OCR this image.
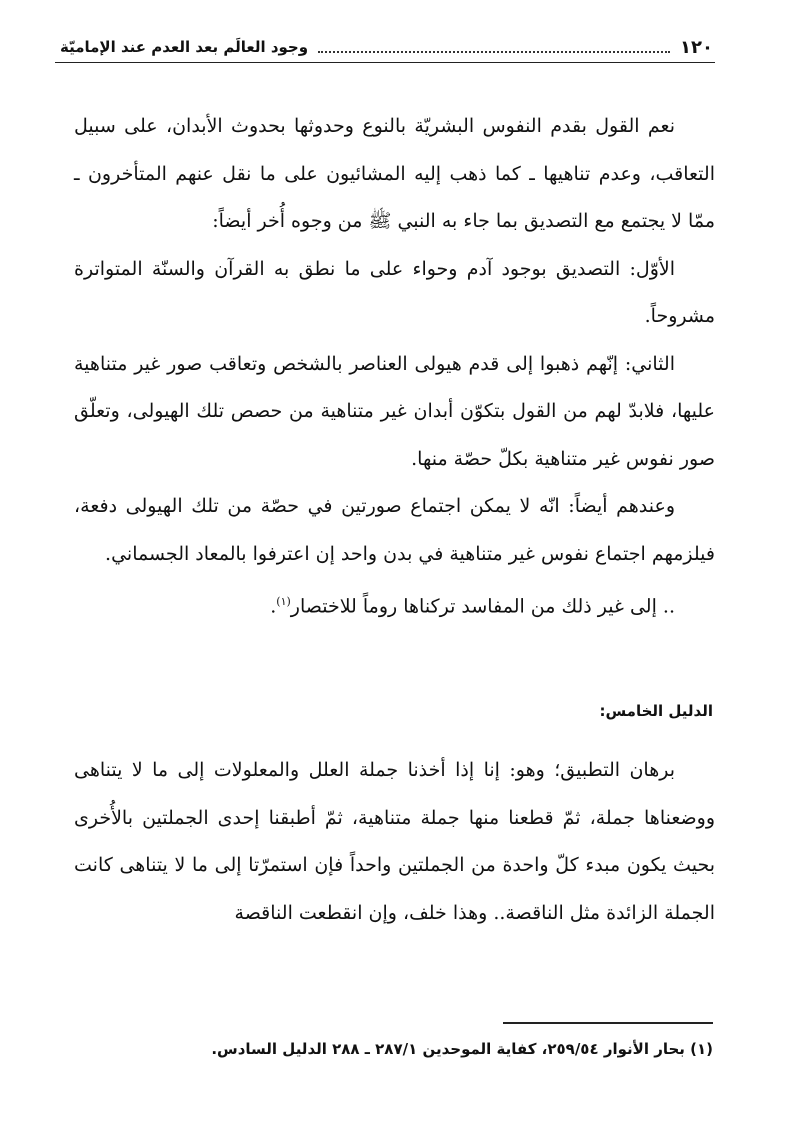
١٢٠
وجود العالَم بعد العدم عند الإماميّة

نعم القول بقدم النفوس البشريّة بالنوع وحدوثها بحدوث الأبدان، على سبيل التعاقب، وعدم تناهيها ـ كما ذهب إليه المشائيون على ما نقل عنهم المتأخرون ـ ممّا لا يجتمع مع التصديق بما جاء به النبي ﷺ من وجوه أُخر أيضاً:

الأوّل: التصديق بوجود آدم وحواء على ما نطق به القرآن والسنّة المتواترة مشروحاً.

الثاني: إنّهم ذهبوا إلى قدم هيولى العناصر بالشخص وتعاقب صور غير متناهية عليها، فلابدّ لهم من القول بتكوّن أبدان غير متناهية من حصص تلك الهيولى، وتعلّق صور نفوس غير متناهية بكلّ حصّة منها.

وعندهم أيضاً: انّه لا يمكن اجتماع صورتين في حصّة من تلك الهيولى دفعة، فيلزمهم اجتماع نفوس غير متناهية في بدن واحد إن اعترفوا بالمعاد الجسماني.

.. إلى غير ذلك من المفاسد تركناها روماً للاختصار$^{(١)}$.

الدليل الخامس:

برهان التطبيق؛ وهو: إنا إذا أخذنا جملة العلل والمعلولات إلى ما لا يتناهى ووضعناها جملة، ثمّ قطعنا منها جملة متناهية، ثمّ أطبقنا إحدى الجملتين بالأُخرى بحيث يكون مبدء كلّ واحدة من الجملتين واحداً فإن استمرّتا إلى ما لا يتناهى كانت الجملة الزائدة مثل الناقصة.. وهذا خلف، وإن انقطعت الناقصة

(١) بحار الأنوار ٢٥٩/٥٤، كفاية الموحدين ٢٨٧/١ ـ ٢٨٨ الدليل السادس.
